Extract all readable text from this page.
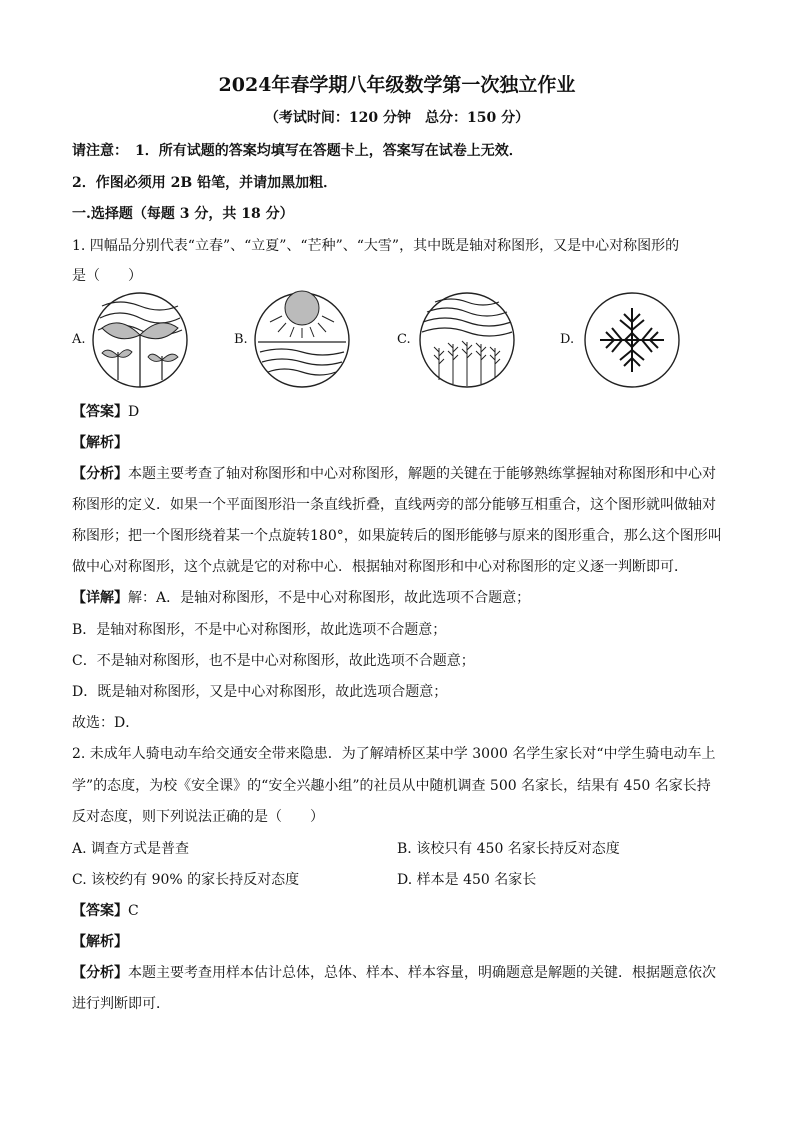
2024年春学期八年级数学第一次独立作业
（考试时间：120 分钟　总分：150 分）
请注意：　1．所有试题的答案均填写在答题卡上，答案写在试卷上无效．
2．作图必须用 2B 铅笔，并请加黑加粗．
一.选择题（每题 3 分，共 18 分）
1. 四幅品分别代表“立春”、“立夏”、“芒种”、“大雪”，其中既是轴对称图形，又是中心对称图形的
是（　　）
A.	B.	C.	D.
【答案】D
【解析】
【分析】本题主要考查了轴对称图形和中心对称图形，解题的关键在于能够熟练掌握轴对称图形和中心对
称图形的定义．如果一个平面图形沿一条直线折叠，直线两旁的部分能够互相重合，这个图形就叫做轴对
称图形；把一个图形绕着某一个点旋转180°，如果旋转后的图形能够与原来的图形重合，那么这个图形叫
做中心对称图形，这个点就是它的对称中心．根据轴对称图形和中心对称图形的定义逐一判断即可．
【详解】解：A．是轴对称图形，不是中心对称图形，故此选项不合题意；
B．是轴对称图形，不是中心对称图形，故此选项不合题意；
C．不是轴对称图形，也不是中心对称图形，故此选项不合题意；
D．既是轴对称图形，又是中心对称图形，故此选项合题意；
故选：D．
2. 未成年人骑电动车给交通安全带来隐患．为了解靖桥区某中学 3000 名学生家长对“中学生骑电动车上
学”的态度，为校《安全课》的“安全兴趣小组”的社员从中随机调查 500 名家长，结果有 450 名家长持
反对态度，则下列说法正确的是（　　）
A. 调查方式是普查	B. 该校只有 450 名家长持反对态度
C. 该校约有 90% 的家长持反对态度	D. 样本是 450 名家长
【答案】C
【解析】
【分析】本题主要考查用样本估计总体，总体、样本、样本容量，明确题意是解题的关键．根据题意依次
进行判断即可．
